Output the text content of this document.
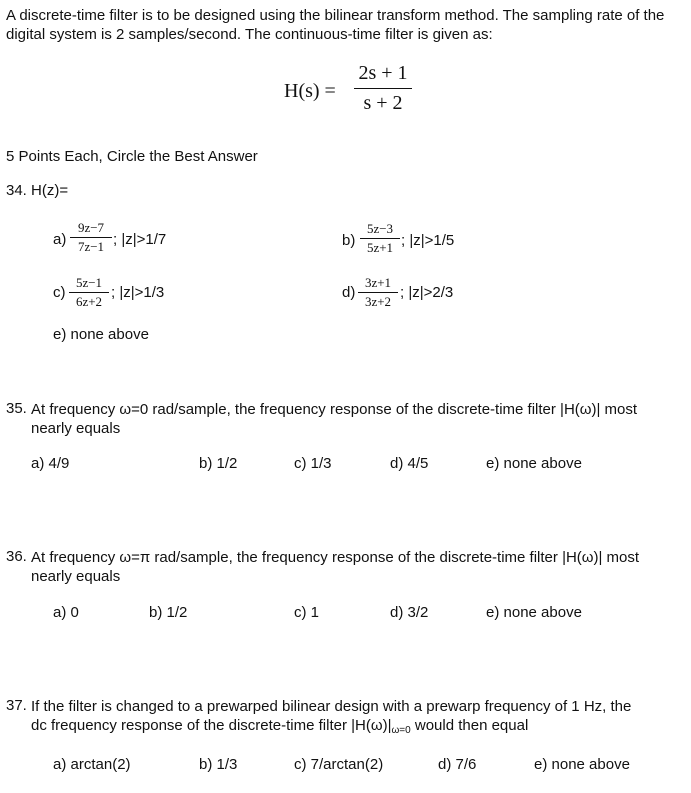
A discrete-time filter is to be designed using the bilinear transform method. The sampling rate of the digital system is 2 samples/second. The continuous-time filter is given as:
H(s) =
2s + 1
s + 2
5 Points Each, Circle the Best Answer
34. H(z)=
a)
9z−7
7z−1 ; |z|>1/7	b)
5z−3
5z+1 ; |z|>1/5
c)
5z−1
6z+2
; |z|>1/3	d)
3z+1
3z+2
; |z|>2/3
e) none above
35. At frequency ω=0 rad/sample, the frequency response of the discrete-time filter |H(ω)| most
nearly equals
a) 4/9	b) 1/2	c) 1/3	d) 4/5	e) none above
36. At frequency ω=π rad/sample, the frequency response of the discrete-time filter |H(ω)| most
nearly equals
a) 0	b) 1/2	c) 1	d) 3/2	e) none above
37. If the filter is changed to a prewarped bilinear design with a prewarp frequency of 1 Hz, the
dc frequency response of the discrete-time filter $|H(\omega)|_{\omega=0}$ would then equal
a) arctan(2)	b) 1/3	c) 7/arctan(2)	d) 7/6	e) none above
